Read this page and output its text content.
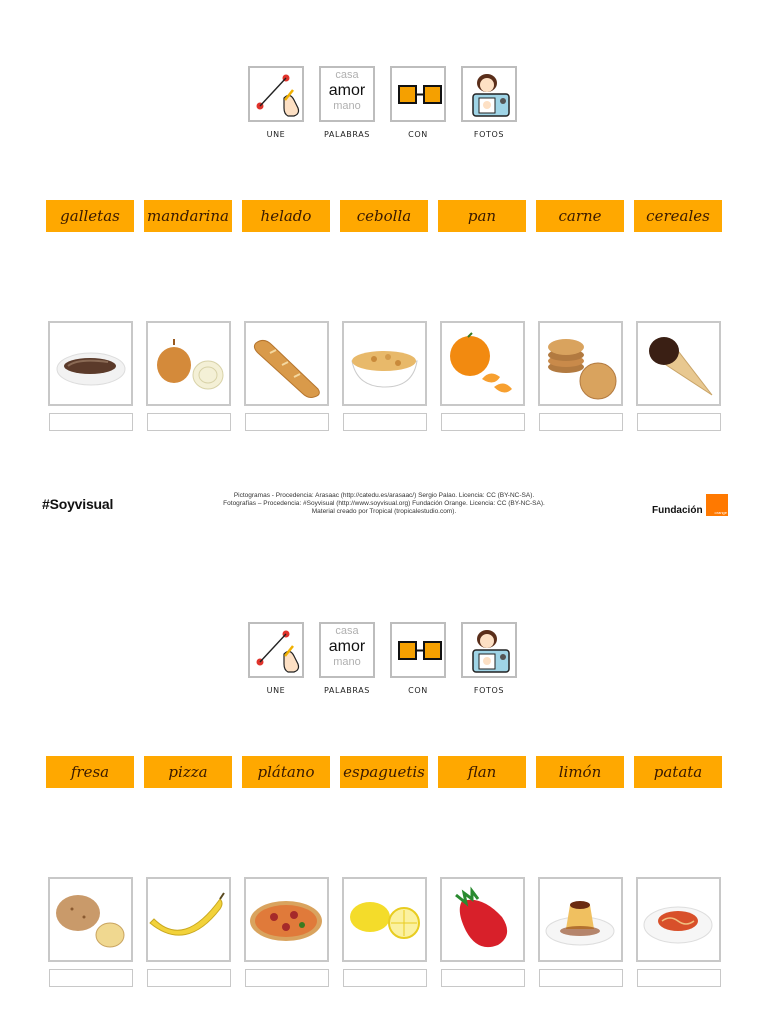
casa
amor
mano
UNE	PALABRAS	CON	FOTOS
galletas	mandarina	helado	cebolla	pan	carne	cereales
#Soyvisual
Pictogramas - Procedencia: Arasaac (http://catedu.es/arasaac/) Sergio Palao. Licencia: CC (BY-NC-SA).
Fotografías – Procedencia: #Soyvisual (http://www.soyvisual.org) Fundación Orange. Licencia: CC (BY-NC-SA).
Material creado por Tropical (tropicalestudio.com).	Fundación	orange
casa
amor
mano
UNE	PALABRAS	CON	FOTOS
fresa	pizza	plátano	espaguetis	flan	limón	patata
